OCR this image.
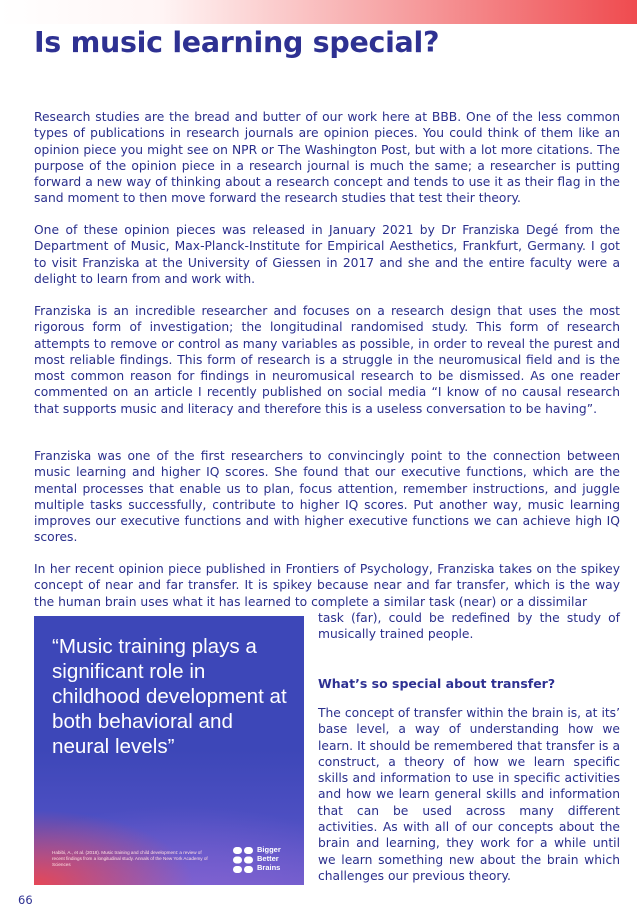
Is music learning special?

Research studies are the bread and butter of our work here at BBB. One of the less common types of publications in research journals are opinion pieces. You could think of them like an opinion piece you might see on NPR or The Washington Post, but with a lot more citations. The purpose of the opinion piece in a research journal is much the same; a researcher is putting forward a new way of thinking about a research concept and tends to use it as their flag in the sand moment to then move forward the research studies that test their theory.

One of these opinion pieces was released in January 2021 by Dr Franziska Degé from the Department of Music, Max-Planck-Institute for Empirical Aesthetics, Frankfurt, Germany. I got to visit Franziska at the University of Giessen in 2017 and she and the entire faculty were a delight to learn from and work with.

Franziska is an incredible researcher and focuses on a research design that uses the most rigorous form of investigation; the longitudinal randomised study. This form of research attempts to remove or control as many variables as possible, in order to reveal the purest and most reliable findings. This form of research is a struggle in the neuromusical field and is the most common reason for findings in neuromusical research to be dismissed. As one reader commented on an article I recently published on social media “I know of no causal research that supports music and literacy and therefore this is a useless conversation to be having”.

Franziska was one of the first researchers to convincingly point to the connection between music learning and higher IQ scores. She found that our executive functions, which are the mental processes that enable us to plan, focus attention, remember instructions, and juggle multiple tasks successfully, contribute to higher IQ scores. Put another way, music learning improves our executive functions and with higher executive functions we can achieve high IQ scores.

In her recent opinion piece published in Frontiers of Psychology, Franziska takes on the spikey concept of near and far transfer. It is spikey because near and far transfer, which is the way the human brain uses what it has learned to complete a similar task (near) or a dissimilar

“Music training plays a significant role in childhood development at both behavioral and neural levels”

Habibi, A., et al. (2018). Music training and child development: a review of recent findings from a longitudinal study. Annals of the New York Academy of Sciences

Bigger
Better
Brains

task (far), could be redefined by the study of musically trained people.

What’s so special about transfer?

The concept of transfer within the brain is, at its’ base level, a way of understanding how we learn. It should be remembered that transfer is a construct, a theory of how we learn specific skills and information to use in specific activities and how we learn general skills and information that can be used across many different activities. As with all of our concepts about the brain and learning, they work for a while until we learn something new about the brain which challenges our previous theory.

66
